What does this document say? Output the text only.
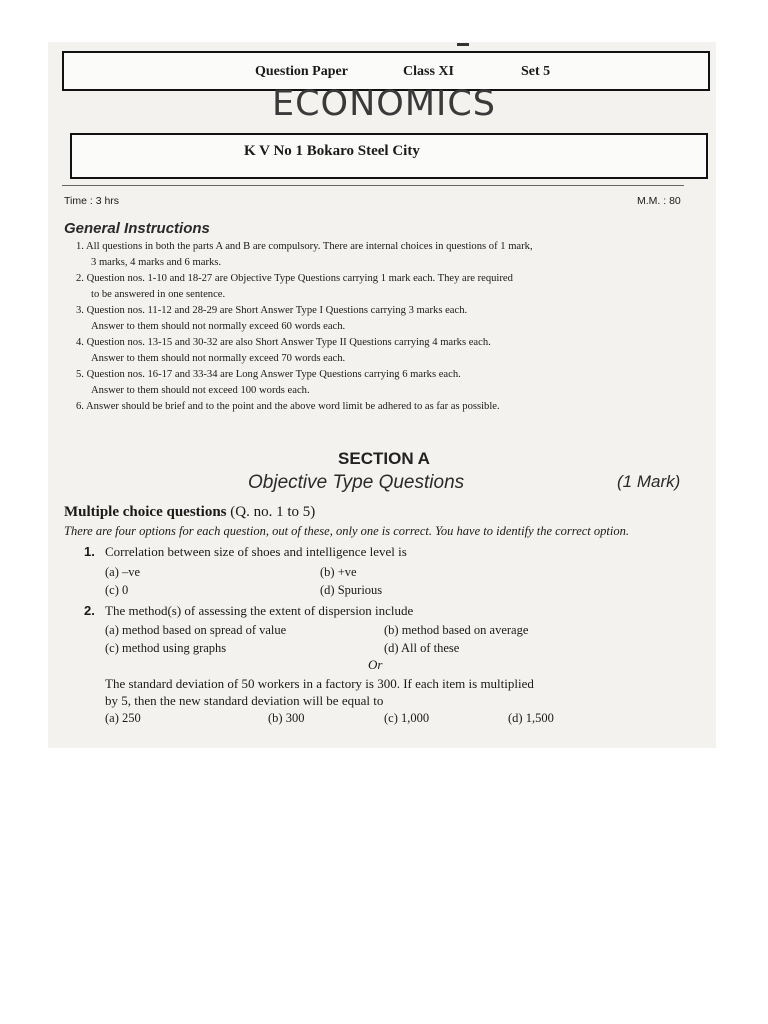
Question Paper	Class XI	Set 5
ECONOMICS
K V No 1 Bokaro Steel City
Time : 3 hrs	M.M. : 80
General Instructions
1. All questions in both the parts A and B are compulsory. There are internal choices in questions of 1 mark,
3 marks, 4 marks and 6 marks.
2. Question nos. 1-10 and 18-27 are Objective Type Questions carrying 1 mark each. They are required
to be answered in one sentence.
3. Question nos. 11-12 and 28-29 are Short Answer Type I Questions carrying 3 marks each.
Answer to them should not normally exceed 60 words each.
4. Question nos. 13-15 and 30-32 are also Short Answer Type II Questions carrying 4 marks each.
Answer to them should not normally exceed 70 words each.
5. Question nos. 16-17 and 33-34 are Long Answer Type Questions carrying 6 marks each.
Answer to them should not exceed 100 words each.
6. Answer should be brief and to the point and the above word limit be adhered to as far as possible.
SECTION A
Objective Type Questions	(1 Mark)
Multiple choice questions (Q. no. 1 to 5)
There are four options for each question, out of these, only one is correct. You have to identify the correct option.
1. Correlation between size of shoes and intelligence level is
(a) –ve	(b) +ve
(c) 0	(d) Spurious
2. The method(s) of assessing the extent of dispersion include
(a) method based on spread of value	(b) method based on average
(c) method using graphs	(d) All of these
Or
The standard deviation of 50 workers in a factory is 300. If each item is multiplied
by 5, then the new standard deviation will be equal to
(a) 250	(b) 300	(c) 1,000	(d) 1,500
